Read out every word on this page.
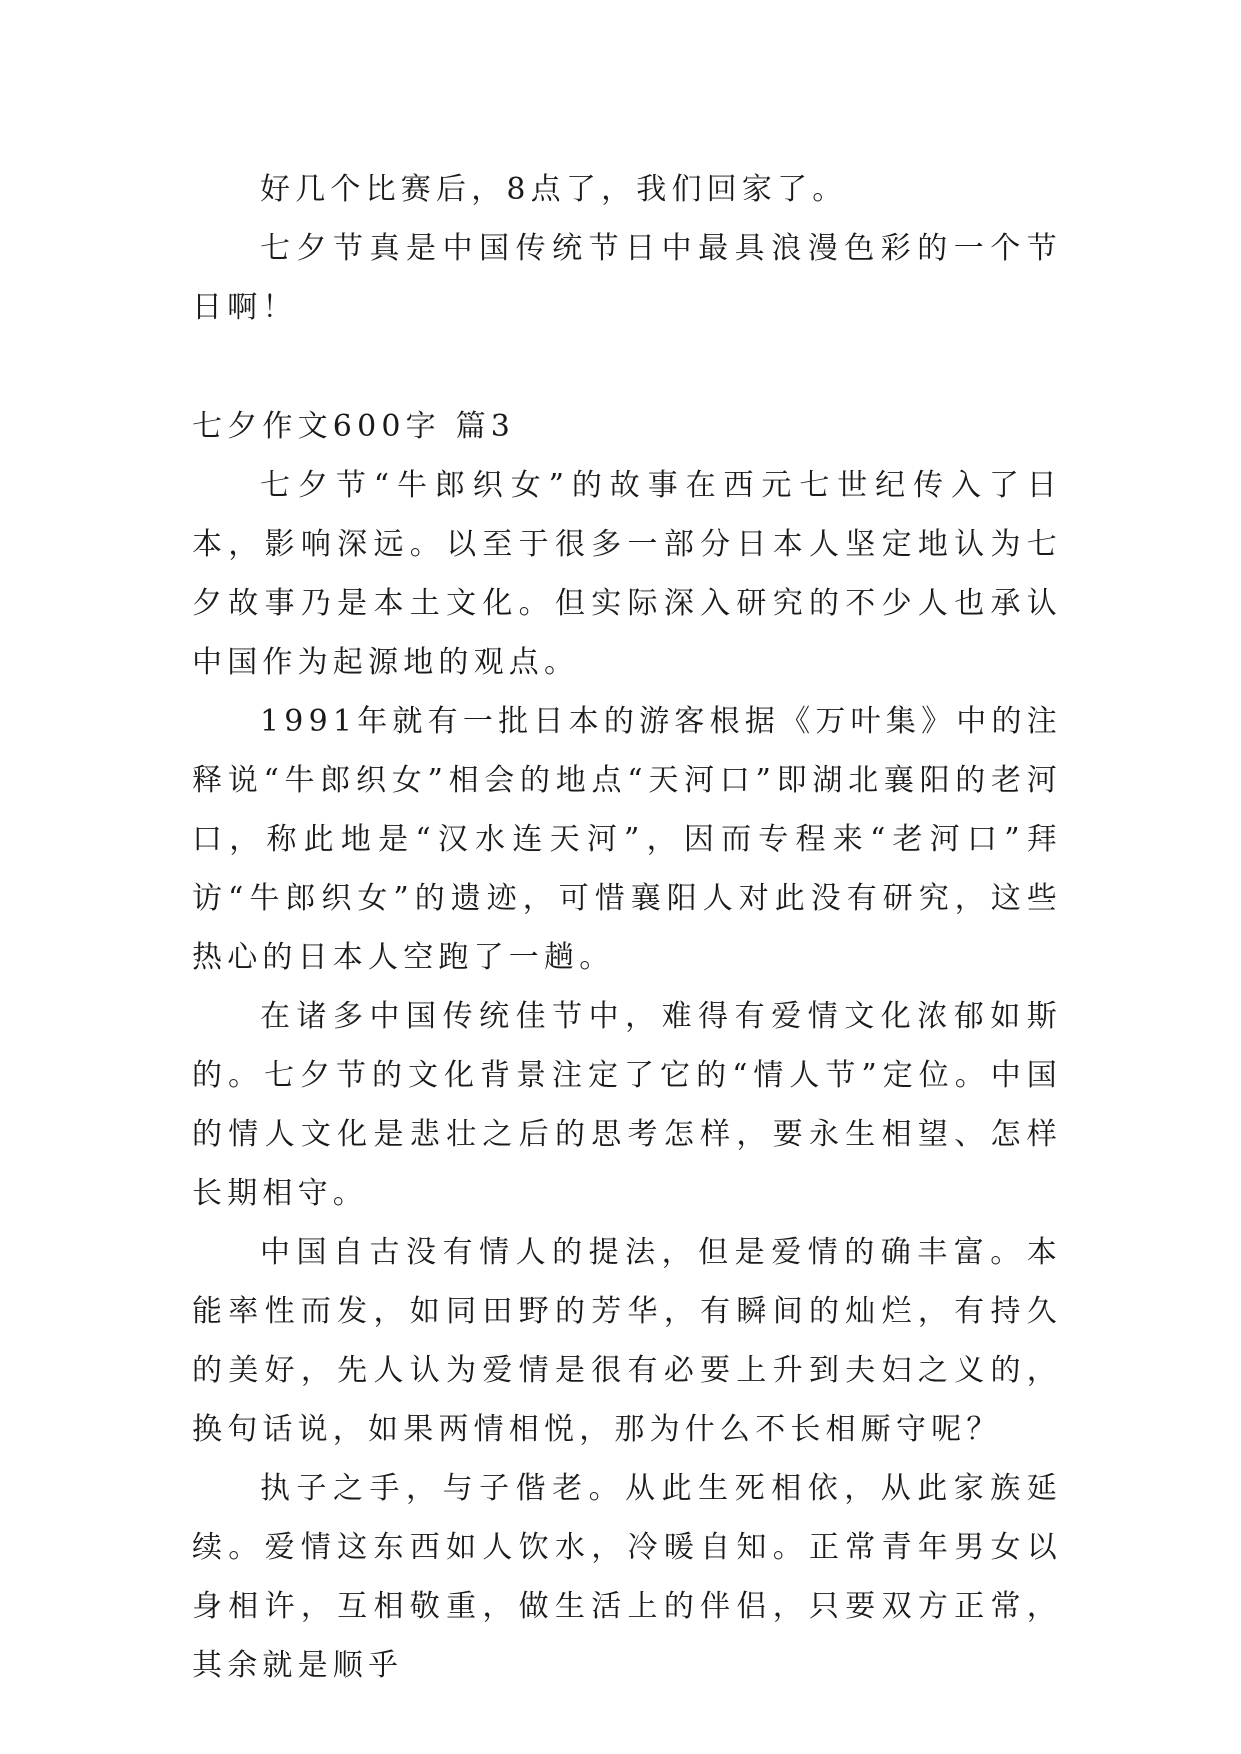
好几个比赛后，8点了，我们回家了。

七夕节真是中国传统节日中最具浪漫色彩的一个节日啊！

七夕作文600字 篇3

七夕节“牛郎织女”的故事在西元七世纪传入了日本，影响深远。以至于很多一部分日本人坚定地认为七夕故事乃是本土文化。但实际深入研究的不少人也承认中国作为起源地的观点。

1991年就有一批日本的游客根据《万叶集》中的注释说“牛郎织女”相会的地点“天河口”即湖北襄阳的老河口，称此地是“汉水连天河”，因而专程来“老河口”拜访“牛郎织女”的遗迹，可惜襄阳人对此没有研究，这些热心的日本人空跑了一趟。

在诸多中国传统佳节中，难得有爱情文化浓郁如斯的。七夕节的文化背景注定了它的“情人节”定位。中国的情人文化是悲壮之后的思考怎样，要永生相望、怎样长期相守。

中国自古没有情人的提法，但是爱情的确丰富。本能率性而发，如同田野的芳华，有瞬间的灿烂，有持久的美好，先人认为爱情是很有必要上升到夫妇之义的，换句话说，如果两情相悦，那为什么不长相厮守呢？

执子之手，与子偕老。从此生死相依，从此家族延续。爱情这东西如人饮水，冷暖自知。正常青年男女以身相许，互相敬重，做生活上的伴侣，只要双方正常，其余就是顺乎
